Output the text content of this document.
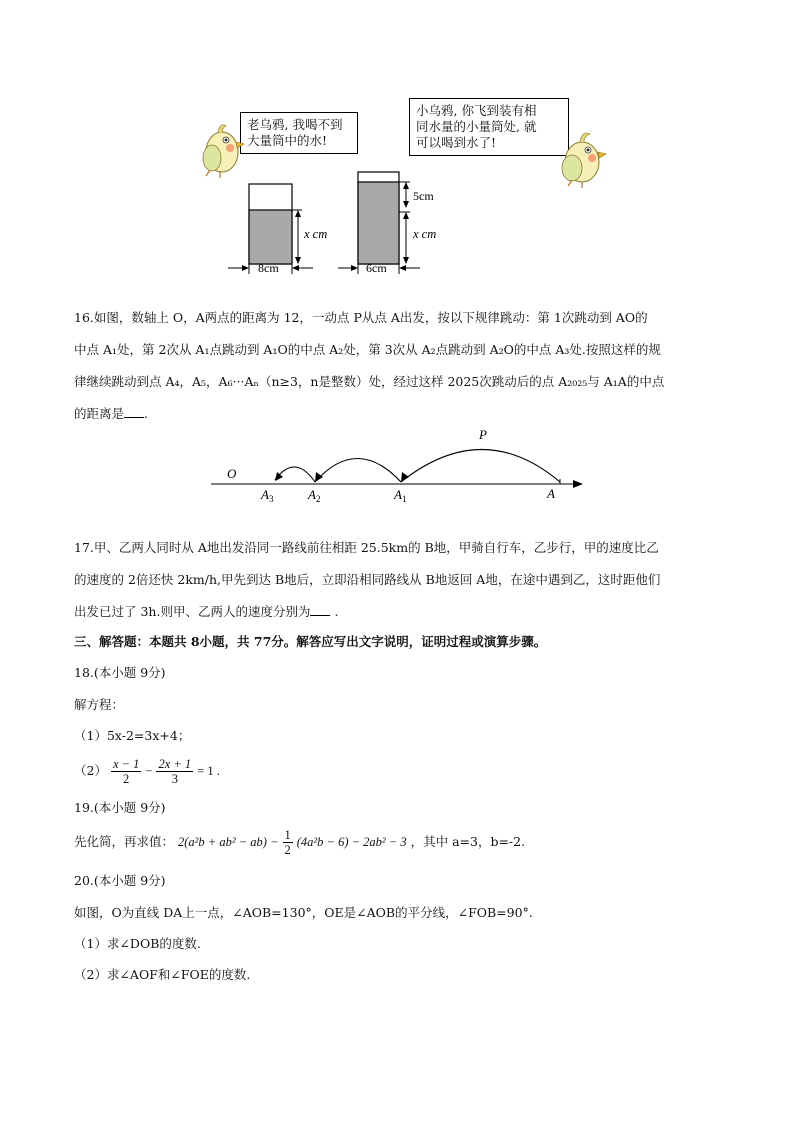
老乌鸦, 我喝不到
大量筒中的水!
小乌鸦, 你飞到装有相
同水量的小量筒处, 就
可以喝到水了!
x cm
8cm
5cm
x cm
6cm
16.如图，数轴上 O，A两点的距离为 12，一动点 P从点 A出发，按以下规律跳动：第 1次跳动到 AO的
中点 A₁处，第 2次从 A₁点跳动到 A₁O的中点 A₂处，第 3次从 A₂点跳动到 A₂O的中点 A₃处.按照这样的规
律继续跳动到点 A₄，A₅，A₆···Aₙ（n≥3，n是整数）处，经过这样 2025次跳动后的点 A₂₀₂₅与 A₁A的中点
的距离是 .
O
P
$A_3$	$A_2$	$A_1$	A
17.甲、乙两人同时从 A地出发沿同一路线前往相距 25.5km的 B地，甲骑自行车，乙步行，甲的速度比乙
的速度的 2倍还快 2km/h,甲先到达 B地后，立即沿相同路线从 B地返回 A地，在途中遇到乙，这时距他们
出发已过了 3h.则甲、乙两人的速度分别为 .
三、解答题：本题共 8小题，共 77分。解答应写出文字说明，证明过程或演算步骤。
18.(本小题 9分)
解方程：
（1）5x-2=3x+4；
$(2) \frac{x - 1}{2} - \frac{2x + 1}{3} = 1$ .
19.(本小题 9分)
先化简，再求值： $2(a^2b + ab^2 - ab) - \frac{1}{2} (4a^2b - 6) - 2ab^2 - 3$ ，其中 a=3，b=-2.
20.(本小题 9分)
如图，O为直线 DA上一点，∠AOB=130°，OE是∠AOB的平分线，∠FOB=90°.
（1）求∠DOB的度数.
（2）求∠AOF和∠FOE的度数.
